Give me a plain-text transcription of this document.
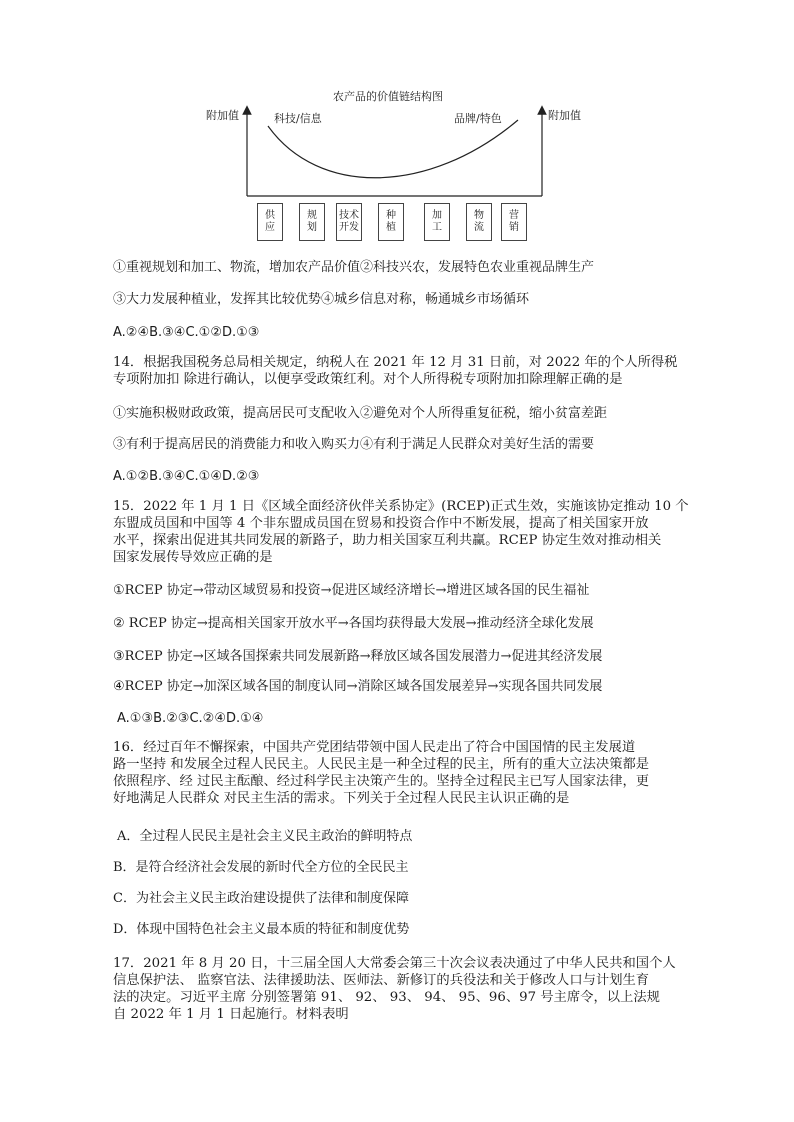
农产品的价值链结构图
附加值	附加值
科技/信息	品牌/特色
供应
规划
技术开发
种植
加工
物流
营销
①重视规划和加工、物流，增加农产品价值②科技兴农，发展特色农业重视品牌生产
③大力发展种植业，发挥其比较优势④城乡信息对称，畅通城乡市场循环
A.②④B.③④C.①②D.①③
14．根据我国税务总局相关规定，纳税人在 2021 年 12 月 31 日前，对 2022 年的个人所得税
专项附加扣 除进行确认，以便享受政策红利。对个人所得税专项附加扣除理解正确的是
①实施积极财政政策，提高居民可支配收入②避免对个人所得重复征税，缩小贫富差距
③有利于提高居民的消费能力和收入购买力④有利于满足人民群众对美好生活的需要
A.①②B.③④C.①④D.②③
15．2022 年 1 月 1 日《区域全面经济伙伴关系协定》(RCEP)正式生效，实施该协定推动 10 个
东盟成员国和中国等 4 个非东盟成员国在贸易和投资合作中不断发展，提高了相关国家开放
水平，探索出促进其共同发展的新路子，助力相关国家互利共赢。RCEP 协定生效对推动相关
国家发展传导效应正确的是
①RCEP 协定→带动区域贸易和投资→促进区域经济增长→增进区域各国的民生福祉
② RCEP 协定→提高相关国家开放水平→各国均获得最大发展→推动经济全球化发展
③RCEP 协定→区域各国探索共同发展新路→释放区域各国发展潜力→促进其经济发展
④RCEP 协定→加深区域各国的制度认同→消除区域各国发展差异→实现各国共同发展
A.①③B.②③C.②④D.①④
16．经过百年不懈探索，中国共产党团结带领中国人民走出了符合中国国情的民主发展道
路一坚持 和发展全过程人民民主。人民民主是一种全过程的民主，所有的重大立法决策都是
依照程序、经 过民主酝酿、经过科学民主决策产生的。坚持全过程民主已写人国家法律，更
好地满足人民群众 对民主生活的需求。下列关于全过程人民民主认识正确的是
A．全过程人民民主是社会主义民主政治的鲜明特点
B．是符合经济社会发展的新时代全方位的全民民主
C．为社会主义民主政治建设提供了法律和制度保障
D．体现中国特色社会主义最本质的特征和制度优势
17．2021 年 8 月 20 日，十三届全国人大常委会第三十次会议表决通过了中华人民共和国个人
信息保护法、 监察官法、法律援助法、医师法、新修订的兵役法和关于修改人口与计划生育
法的决定。习近平主席 分别签署第 91、 92、 93、 94、 95、96、97 号主席令，以上法规
自 2022 年 1 月 1 日起施行。材料表明
